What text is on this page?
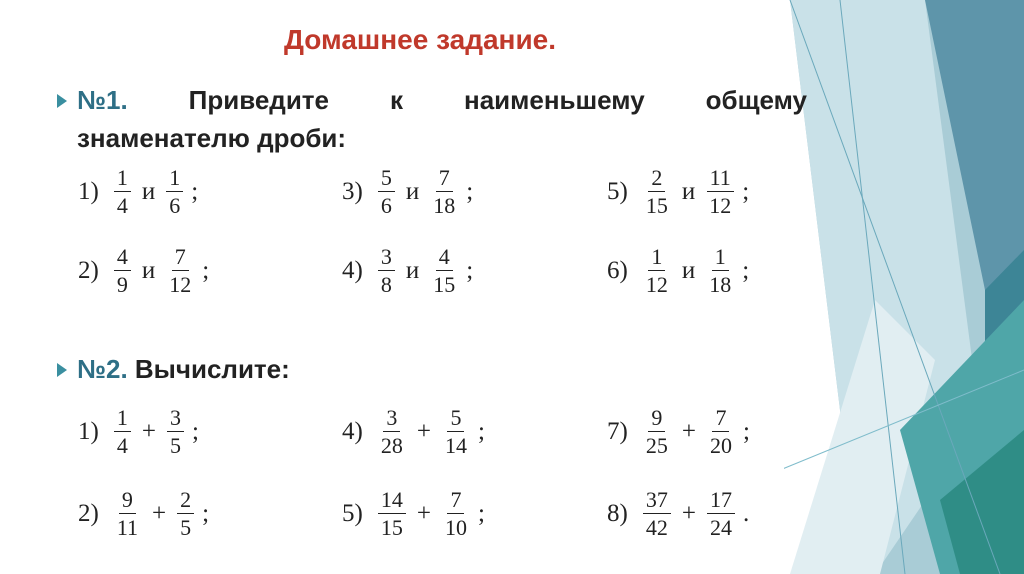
Домашнее задание.
№1. Приведите к наименьшему общему
знаменателю дроби:
$1) \frac{1}{4}$ и $\frac{1}{6}$ ;	$3) \frac{5}{6}$ и $\frac{7}{18}$ ;	$5) \frac{2}{15}$ и $\frac{11}{12}$ ;
$2) \frac{4}{9}$ и $\frac{7}{12}$ ;	$4) \frac{3}{8}$ и $\frac{4}{15}$ ;	$6) \frac{1}{12}$ и $\frac{1}{18}$ ;
№2. Вычислите:
$1) \frac{1}{4} + \frac{3}{5}$ ;	$4) \frac{3}{28} + \frac{5}{14}$ ;	$7) \frac{9}{25} + \frac{7}{20}$ ;
$2) \frac{9}{11} + \frac{2}{5}$ ;	$5) \frac{14}{15} + \frac{7}{10}$ ;	$8) \frac{37}{42} + \frac{17}{24}$ .
